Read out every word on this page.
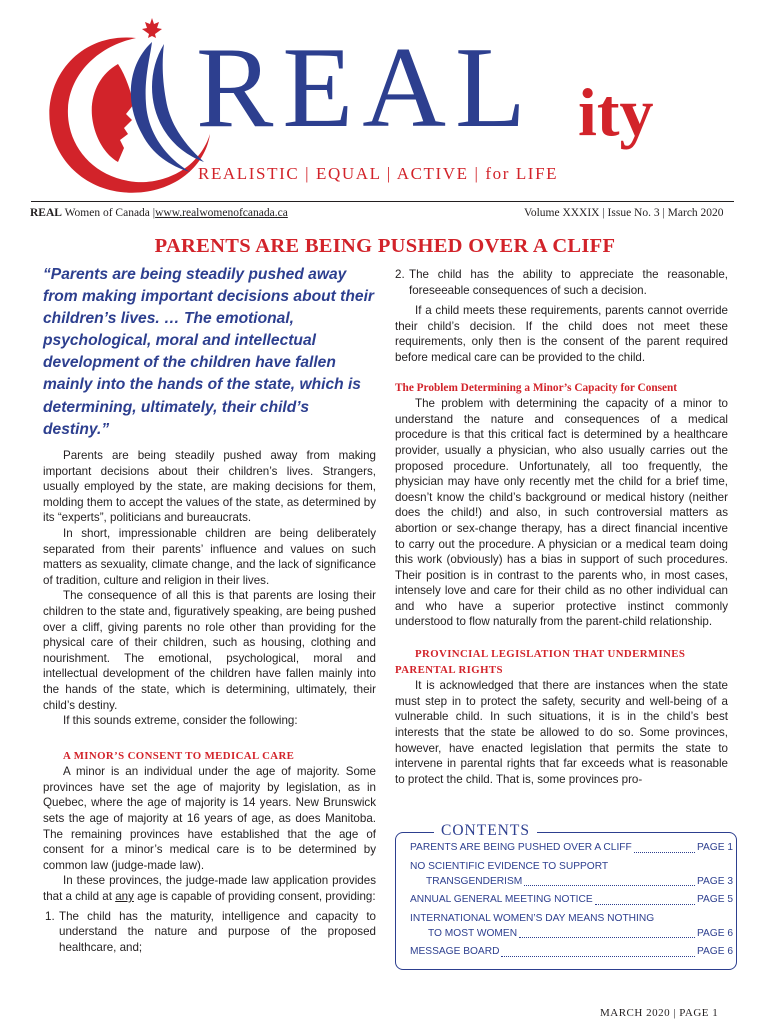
REAL ity
REALISTIC | EQUAL | ACTIVE | for LIFE
REAL Women of Canada |www.realwomenofcanada.ca	Volume XXXIX | Issue No. 3 | March 2020
PARENTS ARE BEING PUSHED OVER A CLIFF
“Parents are being steadily pushed away from making important decisions about their children’s lives. … The emotional, psychological, moral and intellectual development of the children have fallen mainly into the hands of the state, which is determining, ultimately, their child’s destiny.”

Parents are being steadily pushed away from making important decisions about their children’s lives. Strangers, usually employed by the state, are making decisions for them, molding them to accept the values of the state, as determined by its “experts”, politicians and bureaucrats.

In short, impressionable children are being deliberately separated from their parents’ influence and values on such matters as sexuality, climate change, and the lack of significance of tradition, culture and religion in their lives.

The consequence of all this is that parents are losing their children to the state and, figuratively speaking, are being pushed over a cliff, giving parents no role other than providing for the physical care of their children, such as housing, clothing and nourishment. The emotional, psychological, moral and intellectual development of the children have fallen mainly into the hands of the state, which is determining, ultimately, their child’s destiny.

If this sounds extreme, consider the following:

A MINOR’S CONSENT TO MEDICAL CARE

A minor is an individual under the age of majority. Some provinces have set the age of majority by legislation, as in Quebec, where the age of majority is 14 years. New Brunswick sets the age of majority at 16 years of age, as does Manitoba. The remaining provinces have established that the age of consent for a minor’s medical care is to be determined by common law (judge-made law).

In these provinces, the judge-made law application provides that a child at any age is capable of providing consent, providing:

1. The child has the maturity, intelligence and capacity to understand the nature and purpose of the proposed healthcare, and;
2. The child has the ability to appreciate the reasonable, foreseeable consequences of such a decision.

If a child meets these requirements, parents cannot override their child’s decision. If the child does not meet these requirements, only then is the consent of the parent required before medical care can be provided to the child.

The Problem Determining a Minor’s Capacity for Consent

The problem with determining the capacity of a minor to understand the nature and consequences of a medical procedure is that this critical fact is determined by a healthcare provider, usually a physician, who also usually carries out the proposed procedure. Unfortunately, all too frequently, the physician may have only recently met the child for a brief time, doesn’t know the child’s background or medical history (neither does the child!) and also, in such controversial matters as abortion or sex-change therapy, has a direct financial incentive to carry out the procedure. A physician or a medical team doing this work (obviously) has a bias in support of such procedures. Their position is in contrast to the parents who, in most cases, intensely love and care for their child as no other individual can and who have a superior protective instinct commonly understood to flow naturally from the parent-child relationship.

PROVINCIAL LEGISLATION THAT UNDERMINES PARENTAL RIGHTS

It is acknowledged that there are instances when the state must step in to protect the safety, security and well-being of a vulnerable child. In such situations, it is in the child’s best interests that the state be allowed to do so. Some provinces, however, have enacted legislation that permits the state to intervene in parental rights that far exceeds what is reasonable to protect the child. That is, some provinces pro-

CONTENTS
PARENTS ARE BEING PUSHED OVER A CLIFF	PAGE 1
NO SCIENTIFIC EVIDENCE TO SUPPORT
TRANSGENDERISM	PAGE 3
ANNUAL GENERAL MEETING NOTICE	PAGE 5
INTERNATIONAL WOMEN’S DAY MEANS NOTHING
TO MOST WOMEN	PAGE 6
MESSAGE BOARD	PAGE 6
MARCH 2020 | PAGE 1
